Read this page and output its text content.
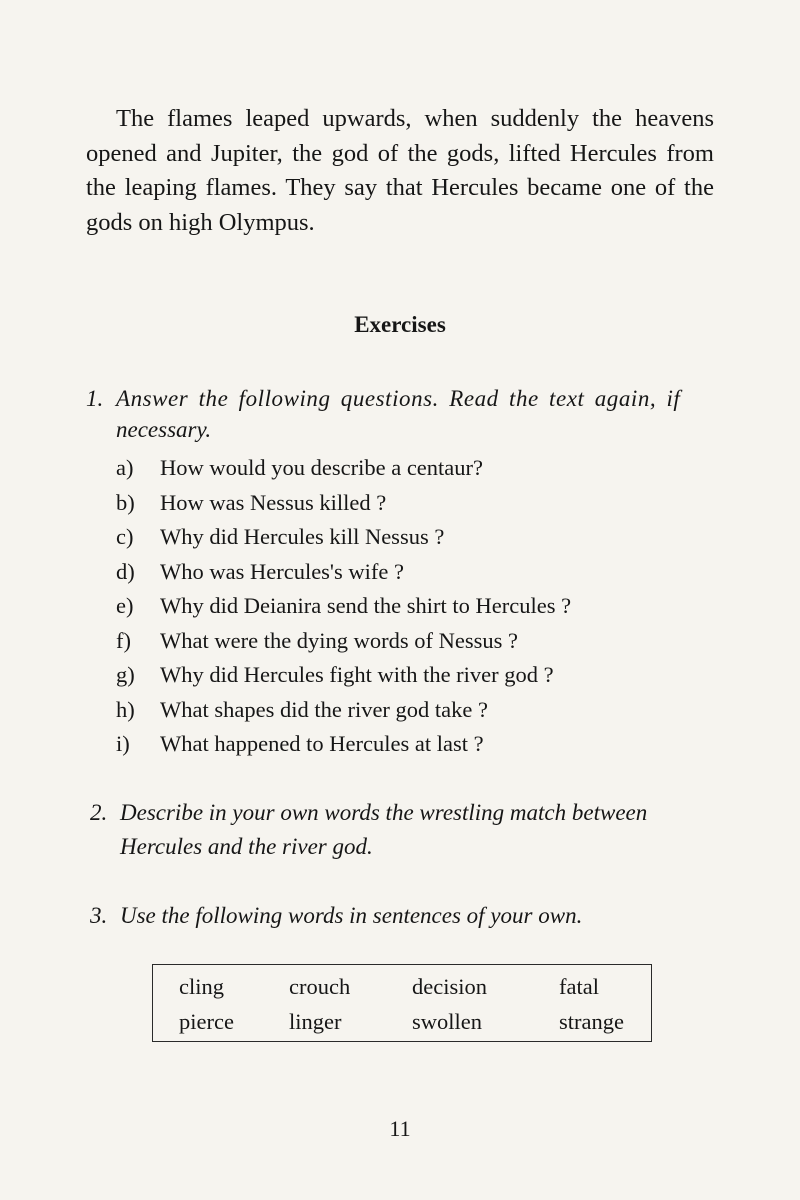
The flames leaped upwards, when suddenly the heavens opened and Jupiter, the god of the gods, lifted Hercules from the leaping flames. They say that Hercules became one of the gods on high Olympus.

Exercises
1. Answer the following questions. Read the text again, if
necessary.
a)	How would you describe a centaur?
b)	How was Nessus killed ?
c)	Why did Hercules kill Nessus ?
d)	Who was Hercules's wife ?
e)	Why did Deianira send the shirt to Hercules ?
f)	What were the dying words of Nessus ?
g)	Why did Hercules fight with the river god ?
h)	What shapes did the river god take ?
i)	What happened to Hercules at last ?
2. Describe in your own words the wrestling match between
Hercules and the river god.
3. Use the following words in sentences of your own.
cling	crouch	decision	fatal
pierce	linger	swollen	strange

11
